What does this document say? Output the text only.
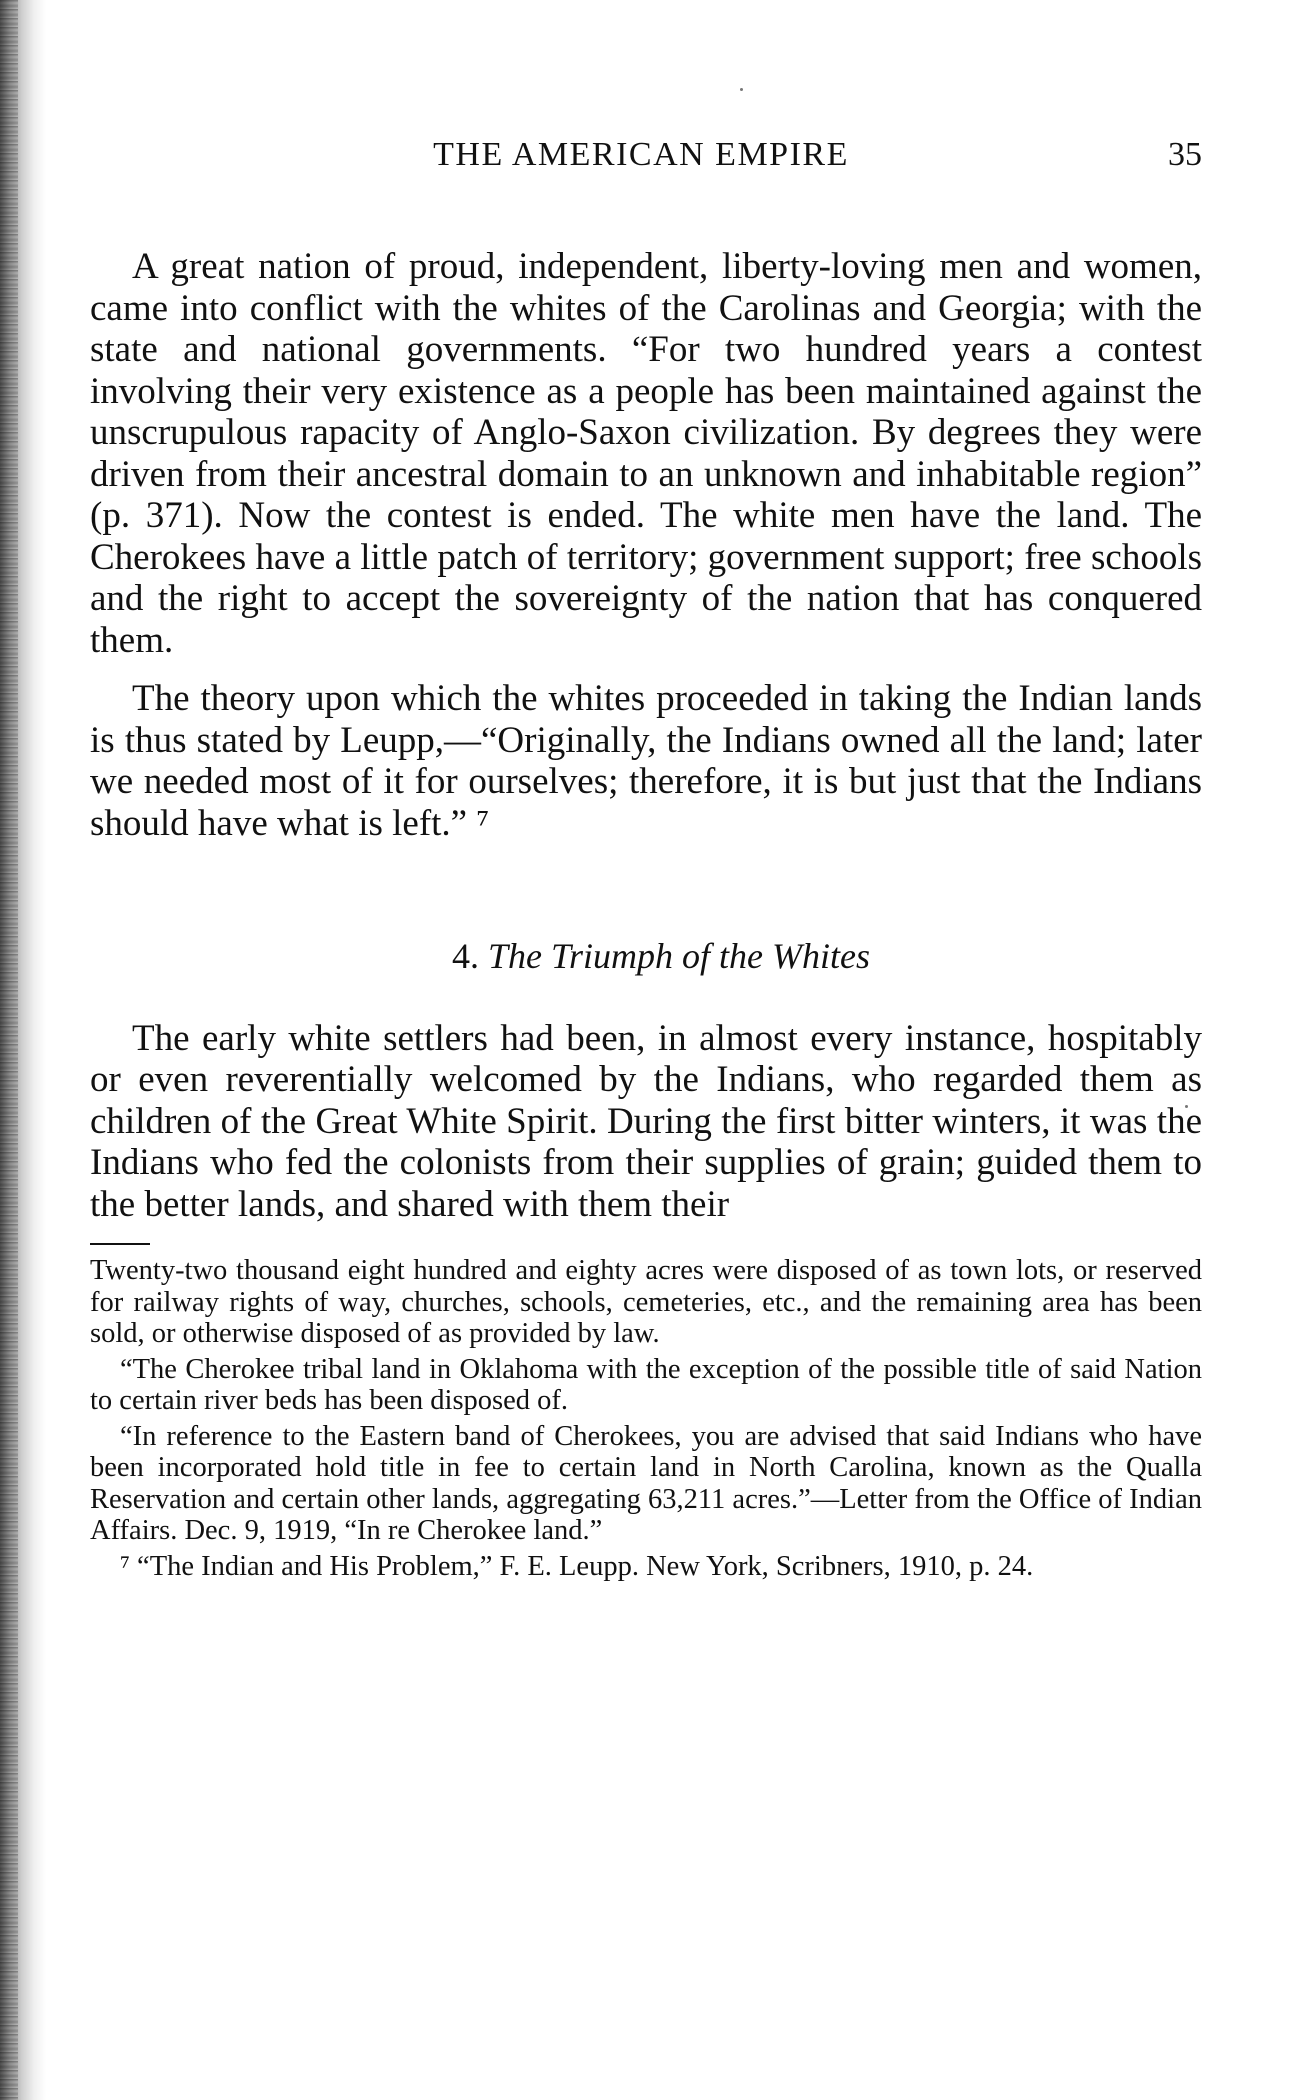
THE AMERICAN EMPIRE	35

A great nation of proud, independent, liberty-loving men and women, came into conflict with the whites of the Carolinas and Georgia; with the state and national governments. “For two hundred years a contest involving their very existence as a people has been maintained against the unscrupulous rapacity of Anglo-Saxon civilization. By degrees they were driven from their ancestral domain to an unknown and inhabitable region” (p. 371). Now the contest is ended. The white men have the land. The Cherokees have a little patch of territory; government support; free schools and the right to accept the sovereignty of the nation that has conquered them.

The theory upon which the whites proceeded in taking the Indian lands is thus stated by Leupp,—“Originally, the Indians owned all the land; later we needed most of it for ourselves; therefore, it is but just that the Indians should have what is left.” ⁷

4. The Triumph of the Whites

The early white settlers had been, in almost every instance, hospitably or even reverentially welcomed by the Indians, who regarded them as children of the Great White Spirit. During the first bitter winters, it was the Indians who fed the colonists from their supplies of grain; guided them to the better lands, and shared with them their

Twenty-two thousand eight hundred and eighty acres were disposed of as town lots, or reserved for railway rights of way, churches, schools, cemeteries, etc., and the remaining area has been sold, or otherwise disposed of as provided by law.

“The Cherokee tribal land in Oklahoma with the exception of the possible title of said Nation to certain river beds has been disposed of.

“In reference to the Eastern band of Cherokees, you are advised that said Indians who have been incorporated hold title in fee to certain land in North Carolina, known as the Qualla Reservation and certain other lands, aggregating 63,211 acres.”—Letter from the Office of Indian Affairs. Dec. 9, 1919, “In re Cherokee land.”

⁷ “The Indian and His Problem,” F. E. Leupp. New York, Scribners, 1910, p. 24.
